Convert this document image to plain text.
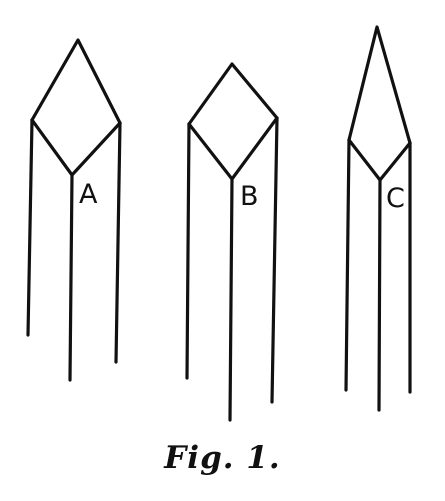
A	B	C
Fig. 1.
